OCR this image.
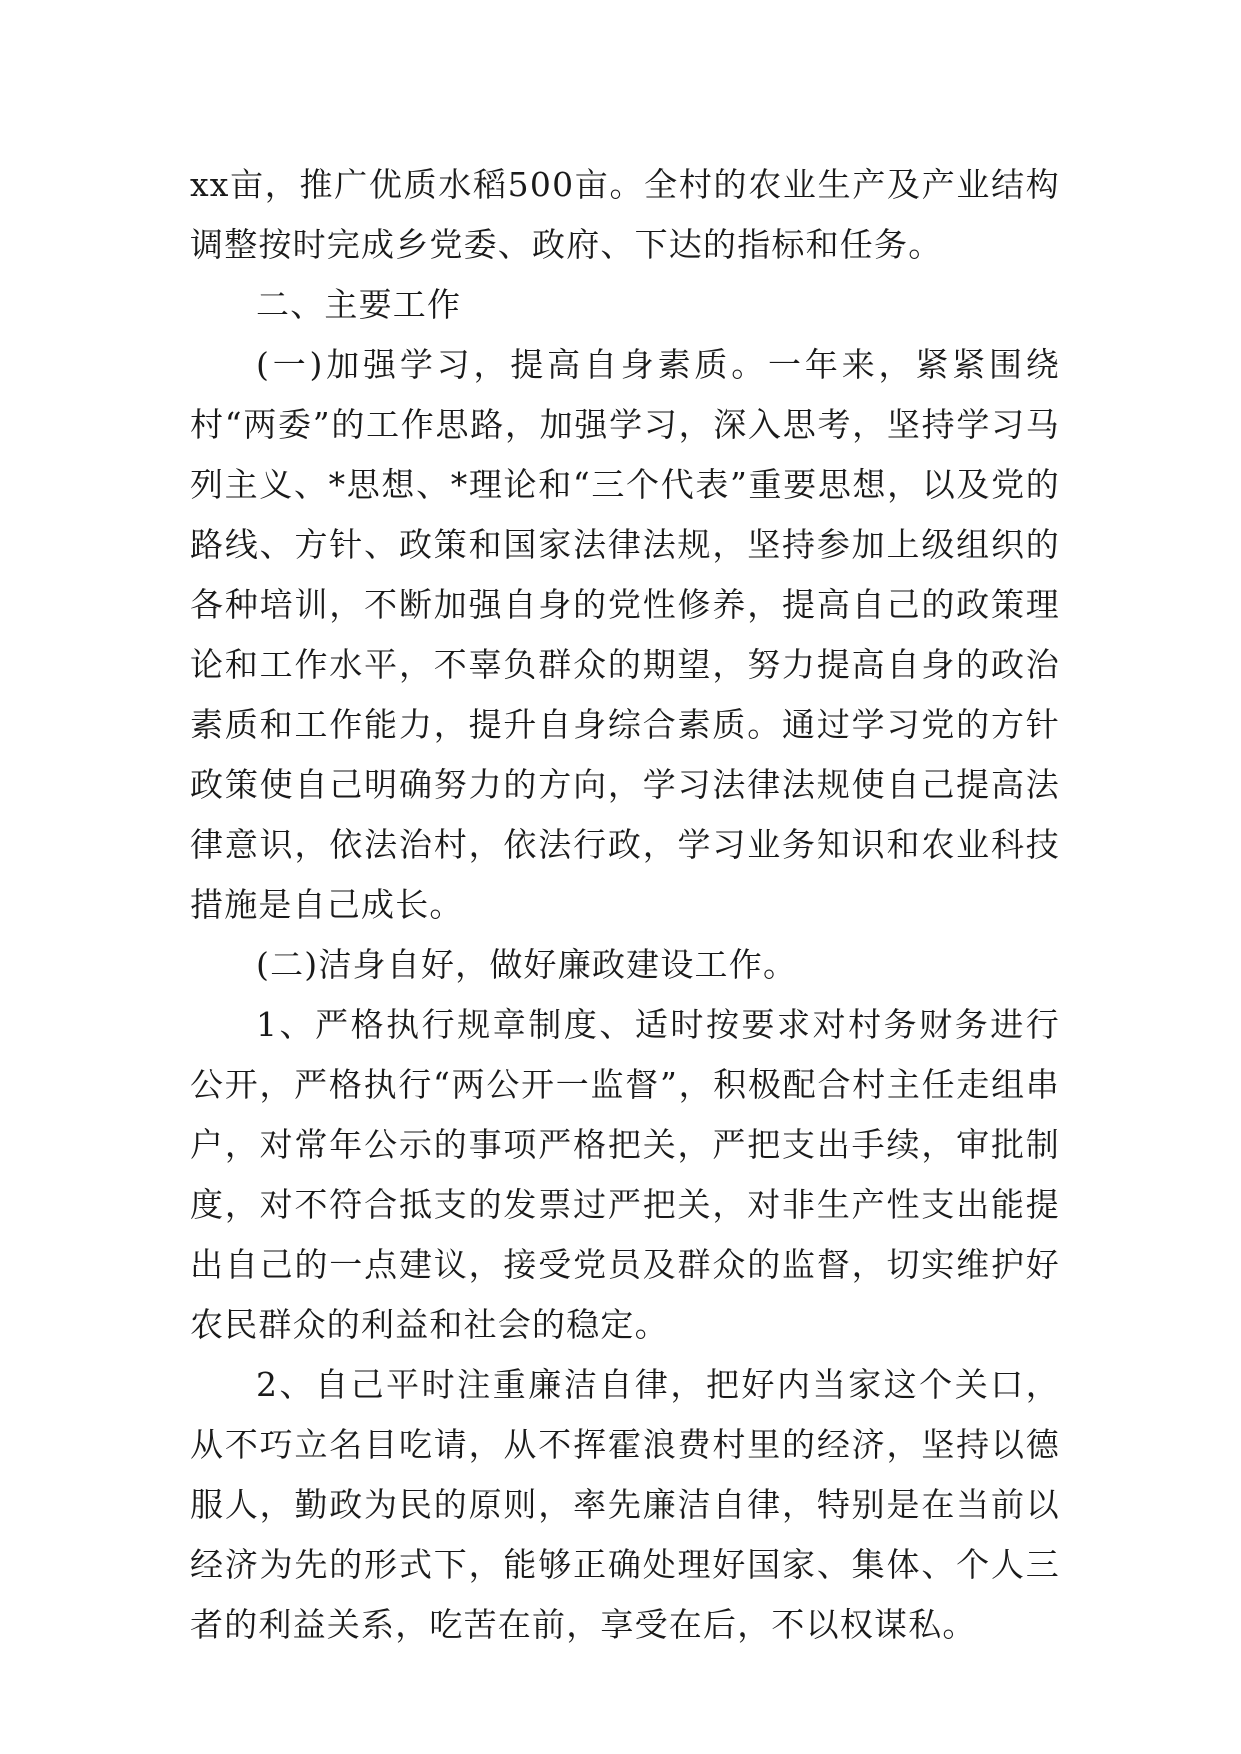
xx亩，推广优质水稻500亩。全村的农业生产及产业结构调整按时完成乡党委、政府、下达的指标和任务。

二、主要工作

(一)加强学习，提高自身素质。一年来，紧紧围绕村“两委”的工作思路，加强学习，深入思考，坚持学习马列主义、*思想、*理论和“三个代表”重要思想，以及党的路线、方针、政策和国家法律法规，坚持参加上级组织的各种培训，不断加强自身的党性修养，提高自己的政策理论和工作水平，不辜负群众的期望，努力提高自身的政治素质和工作能力，提升自身综合素质。通过学习党的方针政策使自己明确努力的方向，学习法律法规使自己提高法律意识，依法治村，依法行政，学习业务知识和农业科技措施是自己成长。

(二)洁身自好，做好廉政建设工作。

1、严格执行规章制度、适时按要求对村务财务进行公开，严格执行“两公开一监督”，积极配合村主任走组串户，对常年公示的事项严格把关，严把支出手续，审批制度，对不符合抵支的发票过严把关，对非生产性支出能提出自己的一点建议，接受党员及群众的监督，切实维护好农民群众的利益和社会的稳定。

2、自己平时注重廉洁自律，把好内当家这个关口，从不巧立名目吃请，从不挥霍浪费村里的经济，坚持以德服人，勤政为民的原则，率先廉洁自律，特别是在当前以经济为先的形式下，能够正确处理好国家、集体、个人三者的利益关系，吃苦在前，享受在后，不以权谋私。
